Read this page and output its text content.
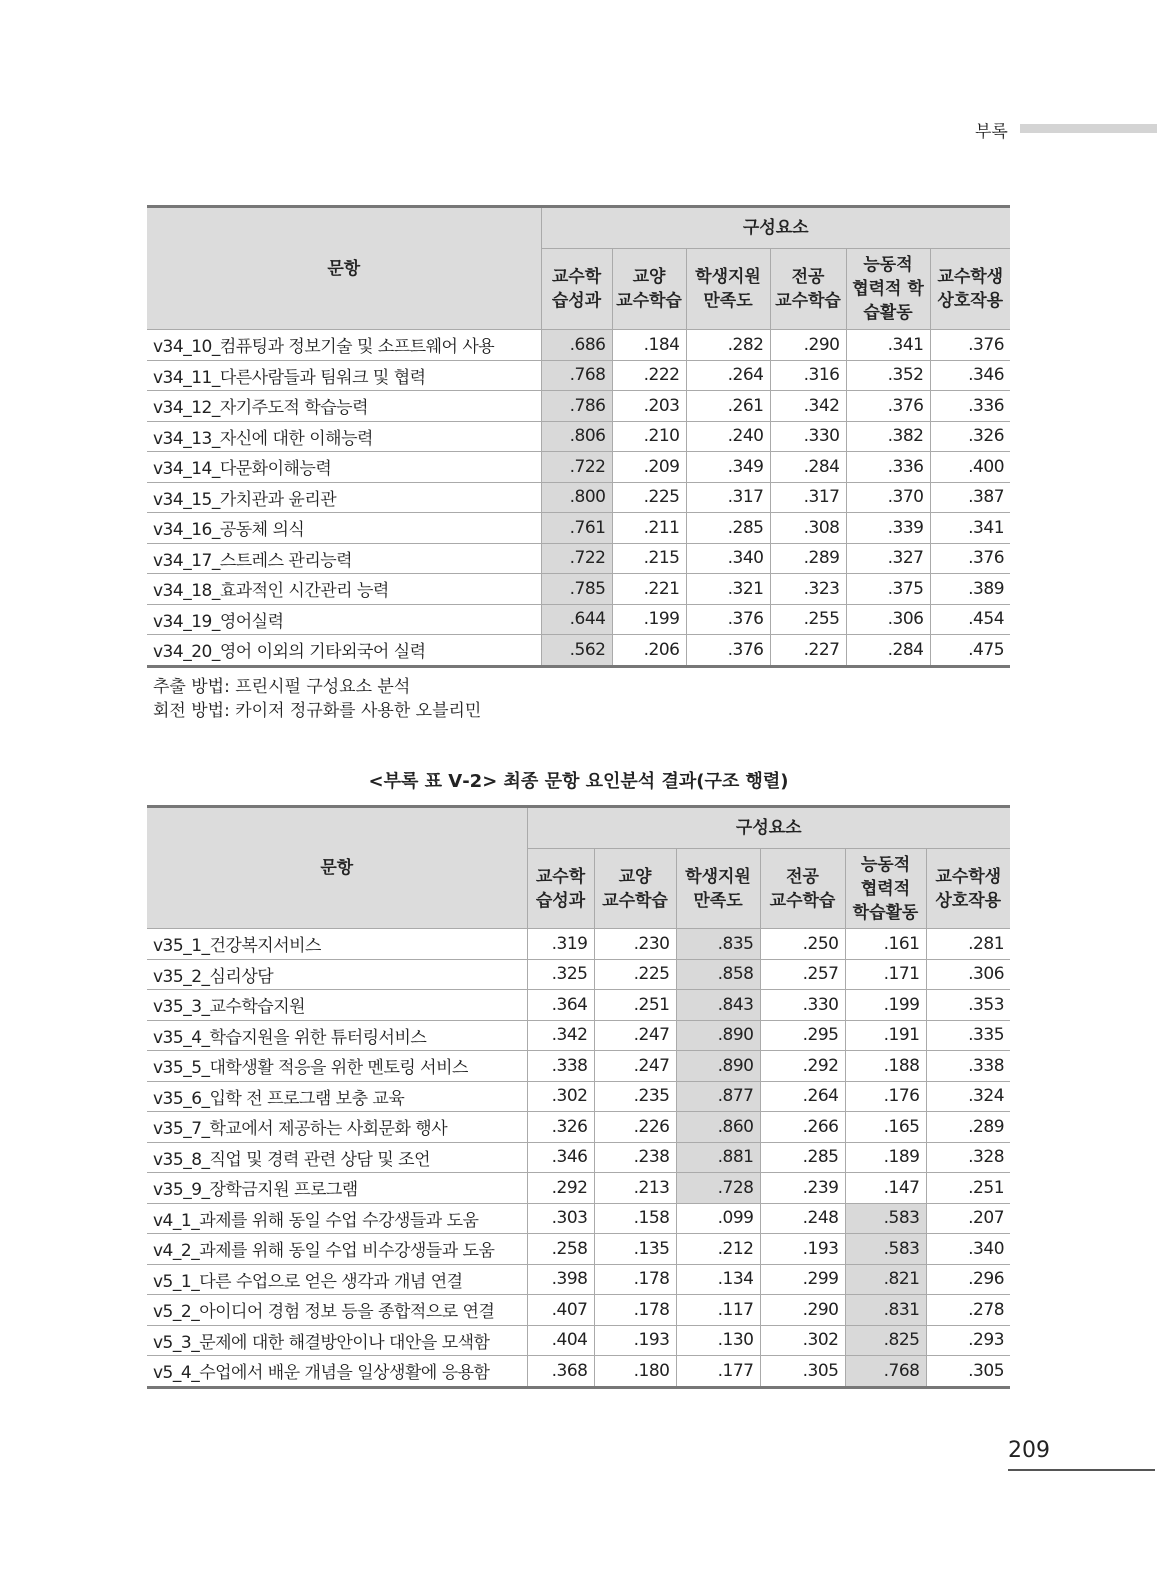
부록
문항	구성요소					
	교수학 습성과	교양 교수학습	학생지원 만족도	전공 교수학습	능동적 협력적 학 습활동	교수학생 상호작용
v34_10_컴퓨팅과 정보기술 및 소프트웨어 사용	.686	.184	.282	.290	.341	.376
v34_11_다른사람들과 팀워크 및 협력	.768	.222	.264	.316	.352	.346
v34_12_자기주도적 학습능력	.786	.203	.261	.342	.376	.336
v34_13_자신에 대한 이해능력	.806	.210	.240	.330	.382	.326
v34_14_다문화이해능력	.722	.209	.349	.284	.336	.400
v34_15_가치관과 윤리관	.800	.225	.317	.317	.370	.387
v34_16_공동체 의식	.761	.211	.285	.308	.339	.341
v34_17_스트레스 관리능력	.722	.215	.340	.289	.327	.376
v34_18_효과적인 시간관리 능력	.785	.221	.321	.323	.375	.389
v34_19_영어실력	.644	.199	.376	.255	.306	.454
v34_20_영어 이외의 기타외국어 실력	.562	.206	.376	.227	.284	.475
추출 방법: 프린시펄 구성요소 분석
회전 방법: 카이저 정규화를 사용한 오블리민
<부록 표 Ⅴ-2> 최종 문항 요인분석 결과(구조 행렬)
문항	구성요소					
	교수학 습성과	교양 교수학습	학생지원 만족도	전공 교수학습	능동적 협력적 학습활동	교수학생 상호작용
v35_1_건강복지서비스	.319	.230	.835	.250	.161	.281
v35_2_심리상담	.325	.225	.858	.257	.171	.306
v35_3_교수학습지원	.364	.251	.843	.330	.199	.353
v35_4_학습지원을 위한 튜터링서비스	.342	.247	.890	.295	.191	.335
v35_5_대학생활 적응을 위한 멘토링 서비스	.338	.247	.890	.292	.188	.338
v35_6_입학 전 프로그램 보충 교육	.302	.235	.877	.264	.176	.324
v35_7_학교에서 제공하는 사회문화 행사	.326	.226	.860	.266	.165	.289
v35_8_직업 및 경력 관련 상담 및 조언	.346	.238	.881	.285	.189	.328
v35_9_장학금지원 프로그램	.292	.213	.728	.239	.147	.251
v4_1_과제를 위해 동일 수업 수강생들과 도움	.303	.158	.099	.248	.583	.207
v4_2_과제를 위해 동일 수업 비수강생들과 도움	.258	.135	.212	.193	.583	.340
v5_1_다른 수업으로 얻은 생각과 개념 연결	.398	.178	.134	.299	.821	.296
v5_2_아이디어 경험 정보 등을 종합적으로 연결	.407	.178	.117	.290	.831	.278
v5_3_문제에 대한 해결방안이나 대안을 모색함	.404	.193	.130	.302	.825	.293
v5_4_수업에서 배운 개념을 일상생활에 응용함	.368	.180	.177	.305	.768	.305
209
